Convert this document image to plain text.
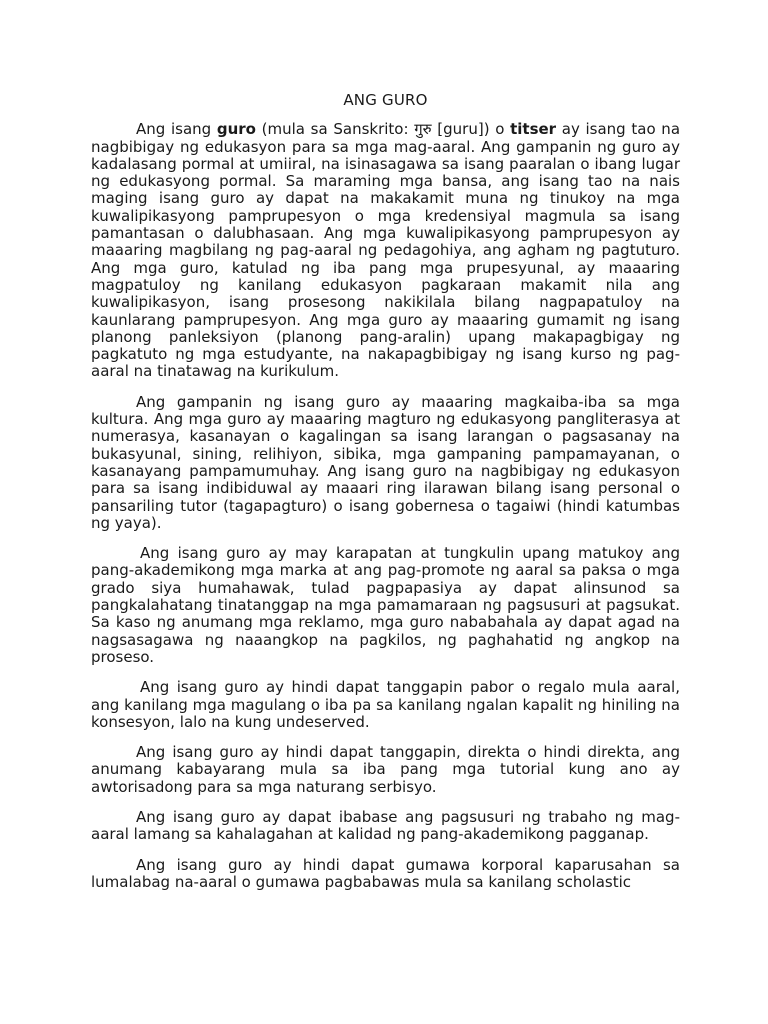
ANG GURO

Ang isang guro (mula sa Sanskrito: गुरु [guru]) o titser ay isang tao na nagbibigay ng edukasyon para sa mga mag-aaral. Ang gampanin ng guro ay kadalasang pormal at umiiral, na isinasagawa sa isang paaralan o ibang lugar ng edukasyong pormal. Sa maraming mga bansa, ang isang tao na nais maging isang guro ay dapat na makakamit muna ng tinukoy na mga kuwalipikasyong pamprupesyon o mga kredensiyal magmula sa isang pamantasan o dalubhasaan. Ang mga kuwalipikasyong pamprupesyon ay maaaring magbilang ng pag-aaral ng pedagohiya, ang agham ng pagtuturo. Ang mga guro, katulad ng iba pang mga prupesyunal, ay maaaring magpatuloy ng kanilang edukasyon pagkaraan makamit nila ang kuwalipikasyon, isang prosesong nakikilala bilang nagpapatuloy na kaunlarang pamprupesyon. Ang mga guro ay maaaring gumamit ng isang planong panleksiyon (planong pang-aralin) upang makapagbigay ng pagkatuto ng mga estudyante, na nakapagbibigay ng isang kurso ng pag-aaral na tinatawag na kurikulum.

Ang gampanin ng isang guro ay maaaring magkaiba-iba sa mga kultura. Ang mga guro ay maaaring magturo ng edukasyong pangliterasya at numerasya, kasanayan o kagalingan sa isang larangan o pagsasanay na bukasyunal, sining, relihiyon, sibika, mga gampaning pampamayanan, o kasanayang pampamumuhay. Ang isang guro na nagbibigay ng edukasyon para sa isang indibiduwal ay maaari ring ilarawan bilang isang personal o pansariling tutor (tagapagturo) o isang gobernesa o tagaiwi (hindi katumbas ng yaya).

Ang isang guro ay may karapatan at tungkulin upang matukoy ang pang-akademikong mga marka at ang pag-promote ng aaral sa paksa o mga grado siya humahawak, tulad pagpapasiya ay dapat alinsunod sa pangkalahatang tinatanggap na mga pamamaraan ng pagsusuri at pagsukat. Sa kaso ng anumang mga reklamo, mga guro nababahala ay dapat agad na nagsasagawa ng naaangkop na pagkilos, ng paghahatid ng angkop na proseso.

Ang isang guro ay hindi dapat tanggapin pabor o regalo mula aaral, ang kanilang mga magulang o iba pa sa kanilang ngalan kapalit ng hiniling na konsesyon, lalo na kung undeserved.

Ang isang guro ay hindi dapat tanggapin, direkta o hindi direkta, ang anumang kabayarang mula sa iba pang mga tutorial kung ano ay awtorisadong para sa mga naturang serbisyo.

Ang isang guro ay dapat ibabase ang pagsusuri ng trabaho ng mag-aaral lamang sa kahalagahan at kalidad ng pang-akademikong pagganap.

Ang isang guro ay hindi dapat gumawa korporal kaparusahan sa lumalabag na-aaral o gumawa pagbabawas mula sa kanilang scholastic
